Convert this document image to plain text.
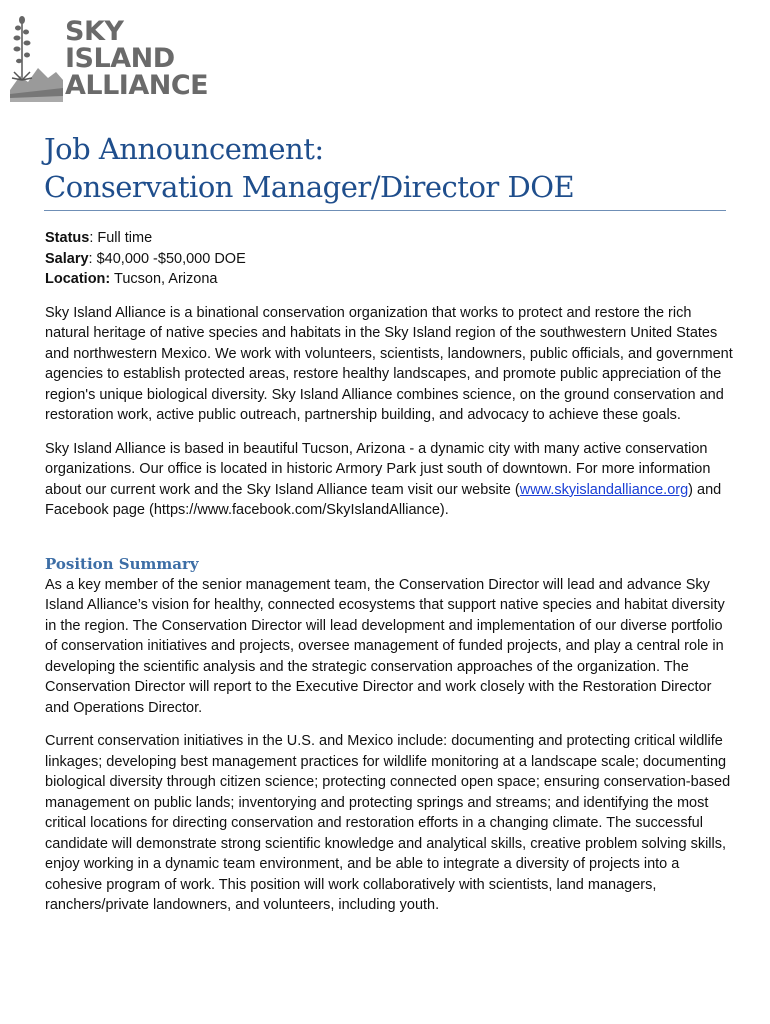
SKY
ISLAND
ALLIANCE
Job Announcement:
Conservation Manager/Director DOE
Status: Full time
Salary: $40,000 -$50,000 DOE
Location: Tucson, Arizona

Sky Island Alliance is a binational conservation organization that works to protect and restore the rich natural heritage of native species and habitats in the Sky Island region of the southwestern United States and northwestern Mexico. We work with volunteers, scientists, landowners, public officials, and government agencies to establish protected areas, restore healthy landscapes, and promote public appreciation of the region's unique biological diversity. Sky Island Alliance combines science, on the ground conservation and restoration work, active public outreach, partnership building, and advocacy to achieve these goals.

Sky Island Alliance is based in beautiful Tucson, Arizona - a dynamic city with many active conservation organizations. Our office is located in historic Armory Park just south of downtown. For more information about our current work and the Sky Island Alliance team visit our website (www.skyislandalliance.org) and Facebook page (https://www.facebook.com/SkyIslandAlliance).

Position Summary

As a key member of the senior management team, the Conservation Director will lead and advance Sky Island Alliance’s vision for healthy, connected ecosystems that support native species and habitat diversity in the region. The Conservation Director will lead development and implementation of our diverse portfolio of conservation initiatives and projects, oversee management of funded projects, and play a central role in developing the scientific analysis and the strategic conservation approaches of the organization. The Conservation Director will report to the Executive Director and work closely with the Restoration Director and Operations Director.

Current conservation initiatives in the U.S. and Mexico include: documenting and protecting critical wildlife linkages; developing best management practices for wildlife monitoring at a landscape scale; documenting biological diversity through citizen science; protecting connected open space; ensuring conservation-based management on public lands; inventorying and protecting springs and streams; and identifying the most critical locations for directing conservation and restoration efforts in a changing climate. The successful candidate will demonstrate strong scientific knowledge and analytical skills, creative problem solving skills, enjoy working in a dynamic team environment, and be able to integrate a diversity of projects into a cohesive program of work. This position will work collaboratively with scientists, land managers, ranchers/private landowners, and volunteers, including youth.
